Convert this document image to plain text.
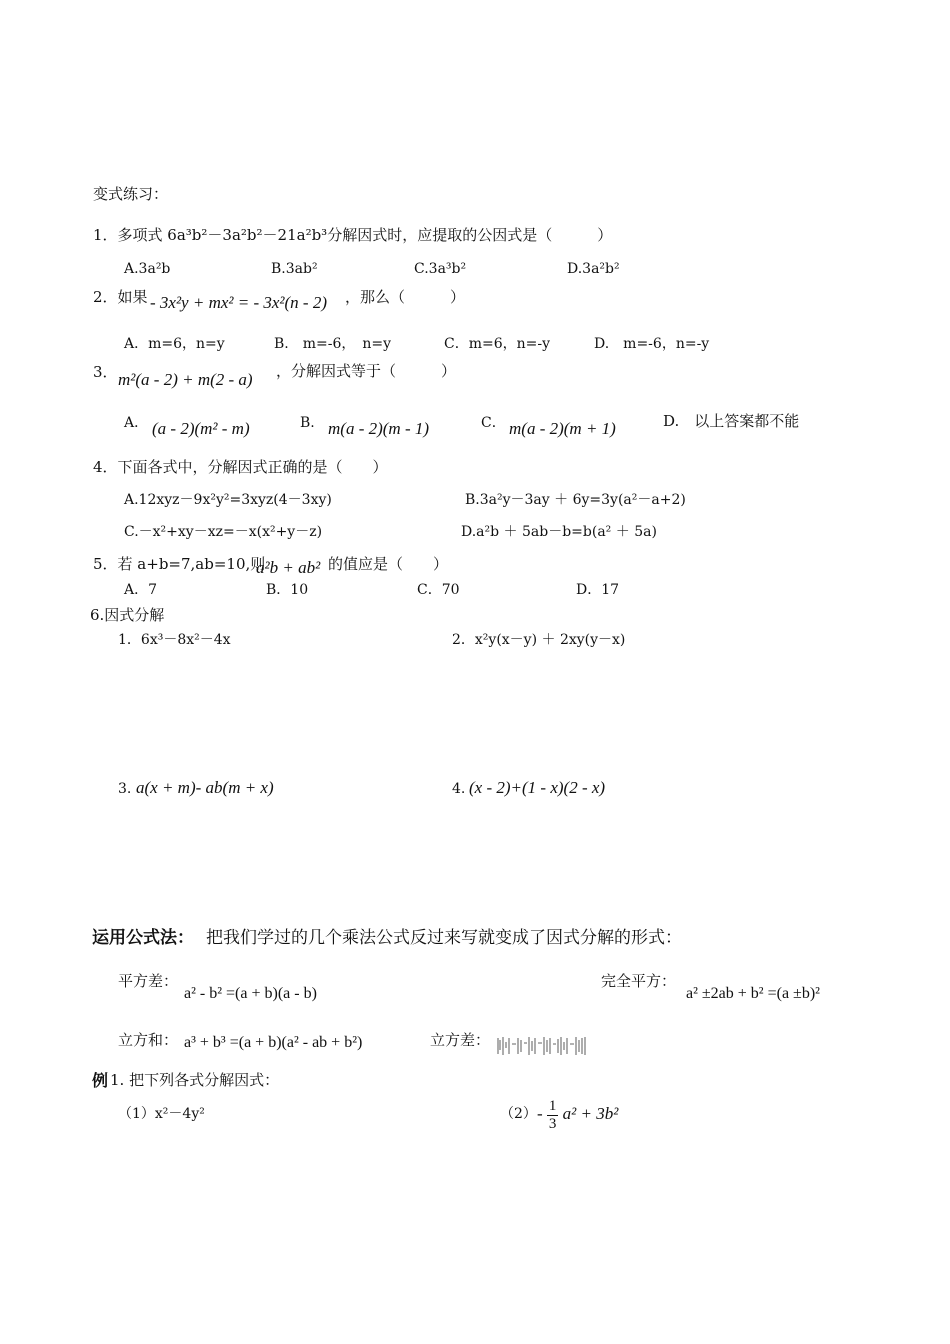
变式练习：
1．多项式 6a³b²－3a²b²－21a²b³分解因式时，应提取的公因式是（　　　）
A.3a²b	B.3ab²	C.3a³b²	D.3a²b²
2．如果 - 3x²y + mx² = - 3x²(n - 2) ，那么（　　　）
A．m=6，n=y	B.　m=-6，　n=y	C．m=6，n=-y	D.　m=-6，n=-y
3． m²(a - 2) + m(2 - a) ，分解因式等于（　　　）
A． (a - 2)(m² - m)	B. m(a - 2)(m - 1)	C． m(a - 2)(m + 1)	D.　以上答案都不能
4．下面各式中，分解因式正确的是（　　）
A.12xyz－9x²y²=3xyz(4－3xy)	B.3a²y－3ay ＋ 6y=3y(a²－a+2)
C.－x²+xy－xz=－x(x²+y－z)	D.a²b ＋ 5ab－b=b(a² ＋ 5a)
5．若 a+b=7,ab=10,则
a²b + ab² 的值应是（　　）
A．7	B．10	C．70	D．17
6.因式分解
1．6x³－8x²－4x	2．x²y(x－y) ＋ 2xy(y－x)
3. a(x + m)- ab(m + x)	4. (x - 2)+(1 - x)(2 - x)
运用公式法： 把我们学过的几个乘法公式反过来写就变成了因式分解的形式：
平方差：
a² - b² =(a + b)(a - b)
完全平方：
a² ±2ab + b² =(a ±b)²
立方和： a³ + b³ =(a + b)(a² - ab + b²)	立方差：
例 1. 把下列各式分解因式：
（1）x²－4y²	$(2) - \frac{1}{3} a^2 + 3b^2$
